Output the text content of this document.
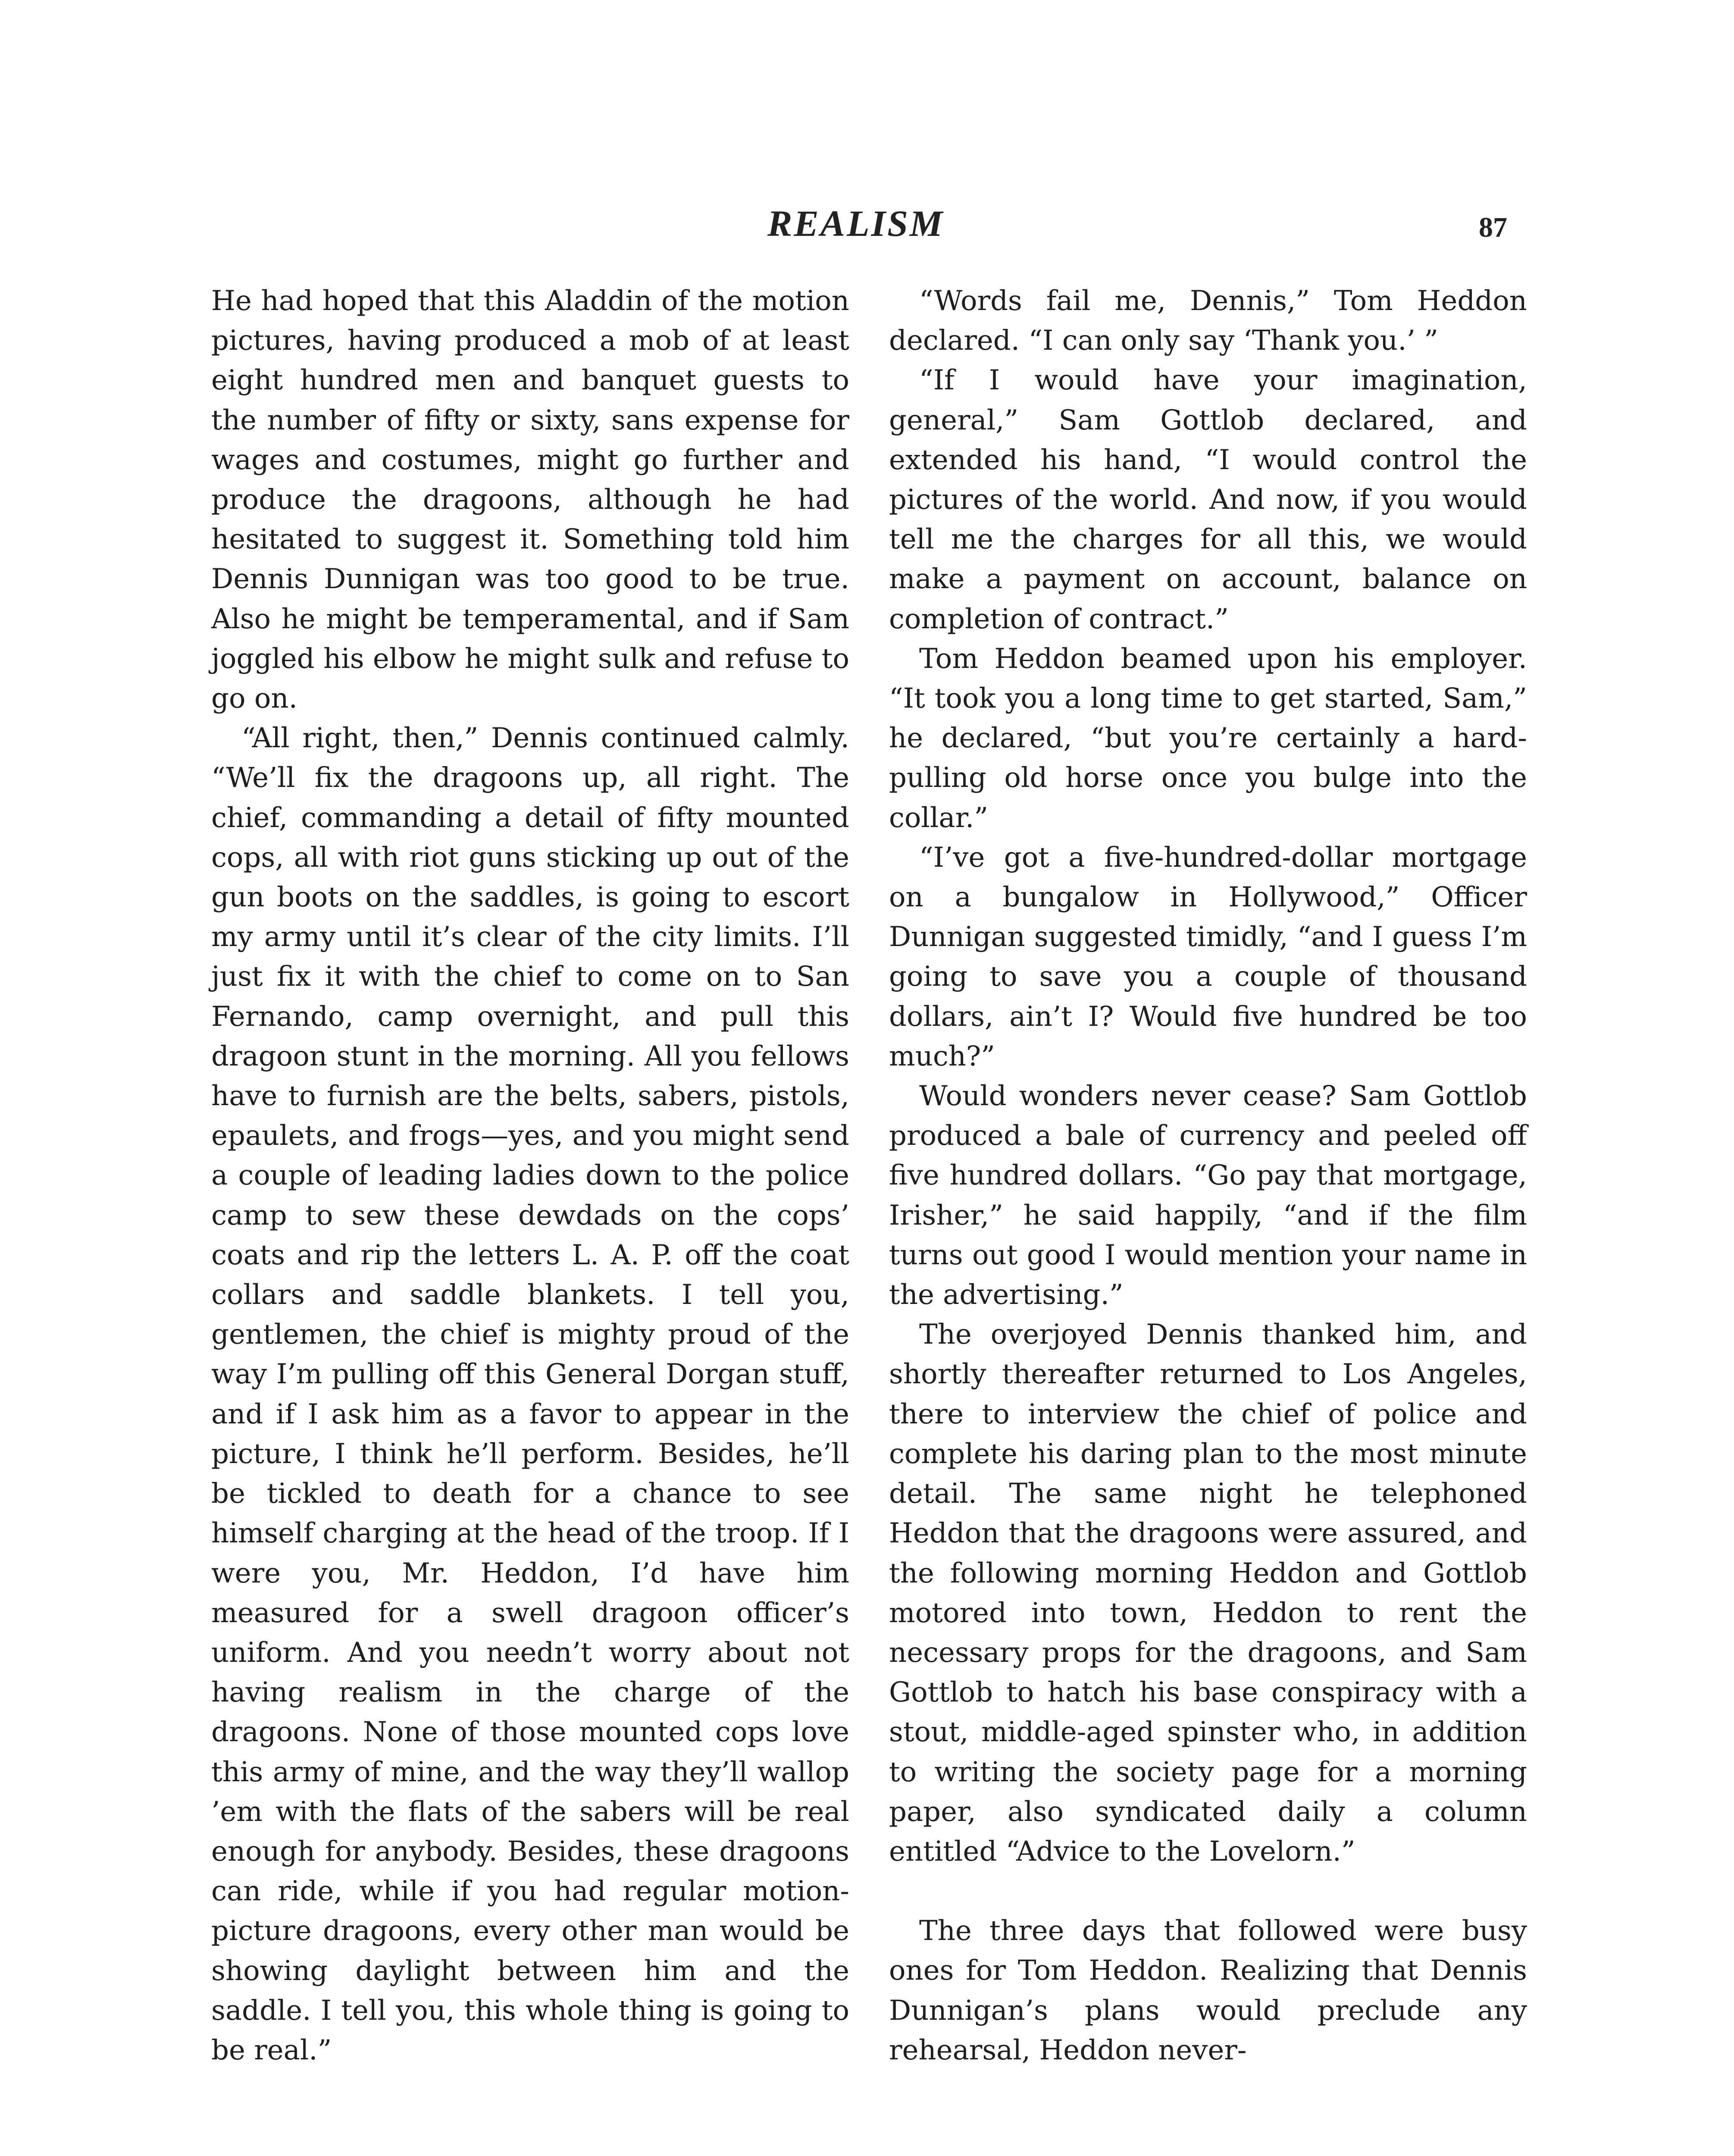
REALISM	87

He had hoped that this Aladdin of the motion pictures, having produced a mob of at least eight hundred men and banquet guests to the number of fifty or sixty, sans expense for wages and costumes, might go further and produce the dragoons, although he had hesitated to suggest it. Something told him Dennis Dunnigan was too good to be true. Also he might be temperamental, and if Sam joggled his elbow he might sulk and refuse to go on.

“All right, then,” Dennis continued calmly. “We’ll fix the dragoons up, all right. The chief, commanding a detail of fifty mounted cops, all with riot guns sticking up out of the gun boots on the saddles, is going to escort my army until it’s clear of the city limits. I’ll just fix it with the chief to come on to San Fernando, camp overnight, and pull this dragoon stunt in the morning. All you fellows have to furnish are the belts, sabers, pistols, epaulets, and frogs—yes, and you might send a couple of leading ladies down to the police camp to sew these dewdads on the cops’ coats and rip the letters L. A. P. off the coat collars and saddle blankets. I tell you, gentlemen, the chief is mighty proud of the way I’m pulling off this General Dorgan stuff, and if I ask him as a favor to appear in the picture, I think he’ll perform. Besides, he’ll be tickled to death for a chance to see himself charging at the head of the troop. If I were you, Mr. Heddon, I’d have him measured for a swell dragoon officer’s uniform. And you needn’t worry about not having realism in the charge of the dragoons. None of those mounted cops love this army of mine, and the way they’ll wallop ’em with the flats of the sabers will be real enough for anybody. Besides, these dragoons can ride, while if you had regular motion-picture dragoons, every other man would be showing daylight between him and the saddle. I tell you, this whole thing is going to be real.”

“Words fail me, Dennis,” Tom Heddon declared. “I can only say ‘Thank you.’ ”

“If I would have your imagination, general,” Sam Gottlob declared, and extended his hand, “I would control the pictures of the world. And now, if you would tell me the charges for all this, we would make a payment on account, balance on completion of contract.”

Tom Heddon beamed upon his employer. “It took you a long time to get started, Sam,” he declared, “but you’re certainly a hard-pulling old horse once you bulge into the collar.”

“I’ve got a five-hundred-dollar mortgage on a bungalow in Hollywood,” Officer Dunnigan suggested timidly, “and I guess I’m going to save you a couple of thousand dollars, ain’t I? Would five hundred be too much?”

Would wonders never cease? Sam Gottlob produced a bale of currency and peeled off five hundred dollars. “Go pay that mortgage, Irisher,” he said happily, “and if the film turns out good I would mention your name in the advertising.”

The overjoyed Dennis thanked him, and shortly thereafter returned to Los Angeles, there to interview the chief of police and complete his daring plan to the most minute detail. The same night he telephoned Heddon that the dragoons were assured, and the following morning Heddon and Gottlob motored into town, Heddon to rent the necessary props for the dragoons, and Sam Gottlob to hatch his base conspiracy with a stout, middle-aged spinster who, in addition to writing the society page for a morning paper, also syndicated daily a column entitled “Advice to the Lovelorn.”

The three days that followed were busy ones for Tom Heddon. Realizing that Dennis Dunnigan’s plans would preclude any rehearsal, Heddon never-
